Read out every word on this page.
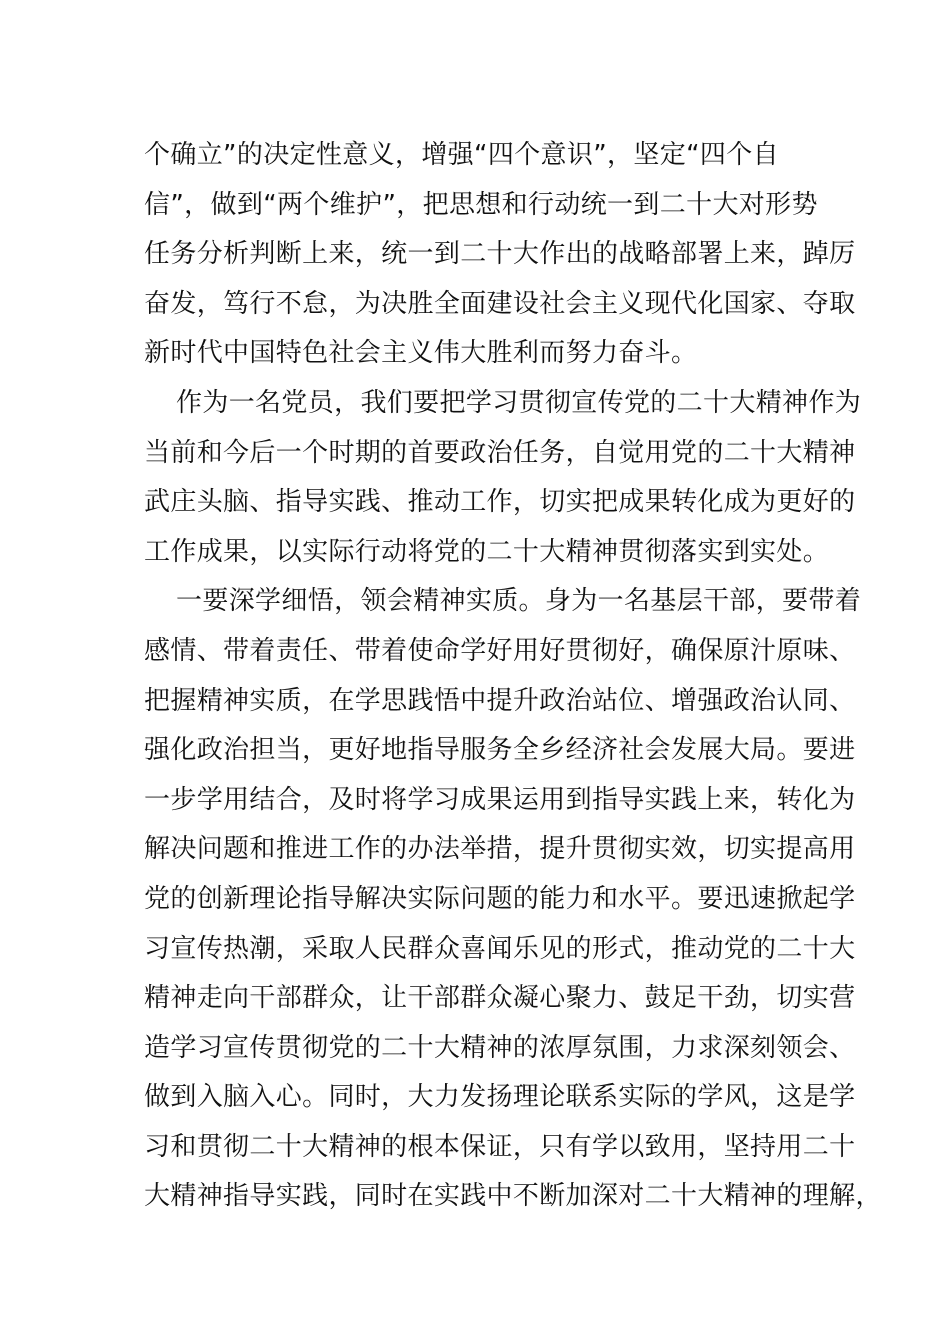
个确立”的决定性意义，增强“四个意识”，坚定“四个自
信”，做到“两个维护”，把思想和行动统一到二十大对形势
任务分析判断上来，统一到二十大作出的战略部署上来，踔厉
奋发，笃行不怠，为决胜全面建设社会主义现代化国家、夺取
新时代中国特色社会主义伟大胜利而努力奋斗。
作为一名党员，我们要把学习贯彻宣传党的二十大精神作为
当前和今后一个时期的首要政治任务，自觉用党的二十大精神
武庄头脑、指导实践、推动工作，切实把成果转化成为更好的
工作成果，以实际行动将党的二十大精神贯彻落实到实处。
一要深学细悟，领会精神实质。身为一名基层干部，要带着
感情、带着责任、带着使命学好用好贯彻好，确保原汁原味、
把握精神实质，在学思践悟中提升政治站位、增强政治认同、
强化政治担当，更好地指导服务全乡经济社会发展大局。要进
一步学用结合，及时将学习成果运用到指导实践上来，转化为
解决问题和推进工作的办法举措，提升贯彻实效，切实提高用
党的创新理论指导解决实际问题的能力和水平。要迅速掀起学
习宣传热潮，采取人民群众喜闻乐见的形式，推动党的二十大
精神走向干部群众，让干部群众凝心聚力、鼓足干劲，切实营
造学习宣传贯彻党的二十大精神的浓厚氛围，力求深刻领会、
做到入脑入心。同时，大力发扬理论联系实际的学风，这是学
习和贯彻二十大精神的根本保证，只有学以致用，坚持用二十
大精神指导实践，同时在实践中不断加深对二十大精神的理解，
